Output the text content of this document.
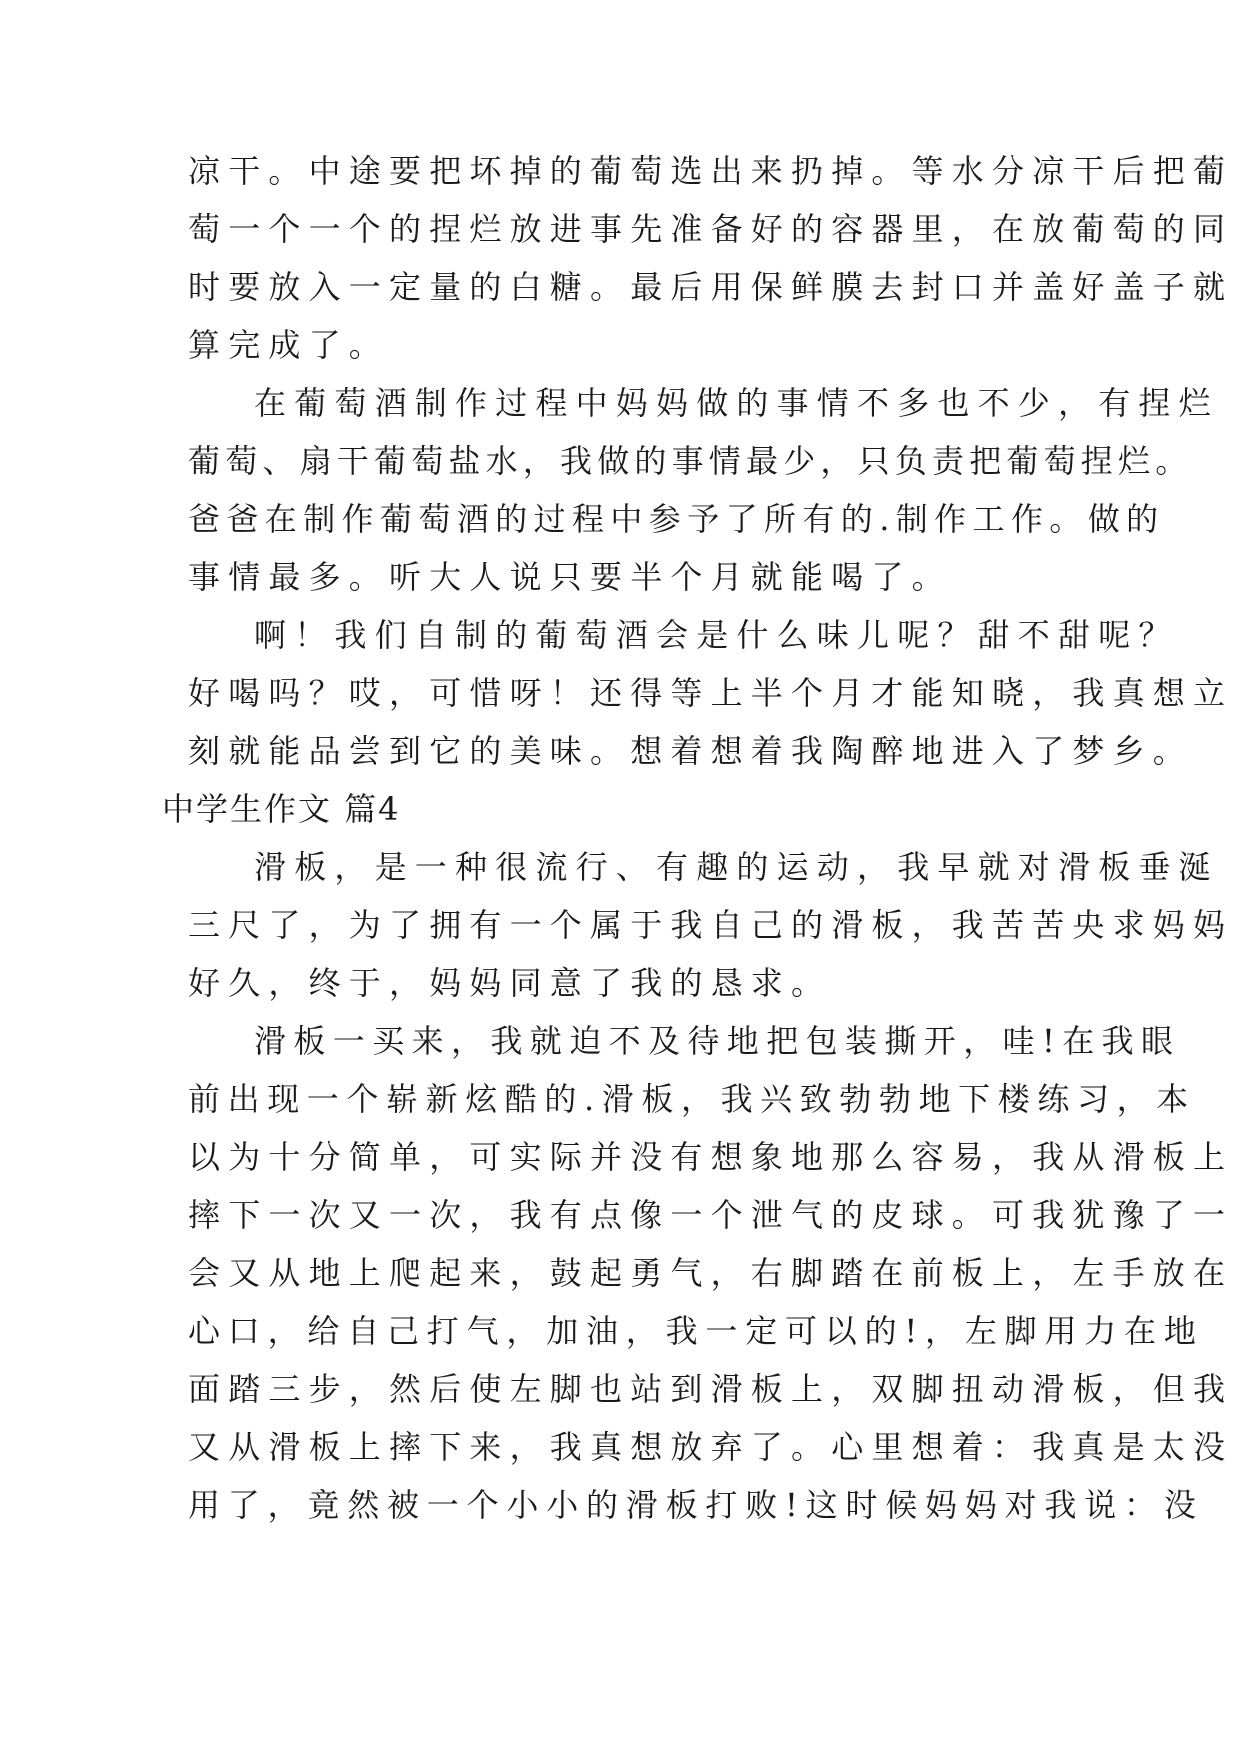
凉干。中途要把坏掉的葡萄选出来扔掉。等水分凉干后把葡
萄一个一个的捏烂放进事先准备好的容器里，在放葡萄的同
时要放入一定量的白糖。最后用保鲜膜去封口并盖好盖子就
算完成了。
在葡萄酒制作过程中妈妈做的事情不多也不少，有捏烂
葡萄、扇干葡萄盐水，我做的事情最少，只负责把葡萄捏烂。
爸爸在制作葡萄酒的过程中参予了所有的.制作工作。做的
事情最多。听大人说只要半个月就能喝了。
啊！我们自制的葡萄酒会是什么味儿呢？甜不甜呢？
好喝吗？哎，可惜呀！还得等上半个月才能知晓，我真想立
刻就能品尝到它的美味。想着想着我陶醉地进入了梦乡。
中学生作文 篇4
滑板，是一种很流行、有趣的运动，我早就对滑板垂涎
三尺了，为了拥有一个属于我自己的滑板，我苦苦央求妈妈
好久，终于，妈妈同意了我的恳求。
滑板一买来，我就迫不及待地把包装撕开，哇!在我眼
前出现一个崭新炫酷的.滑板，我兴致勃勃地下楼练习，本
以为十分简单，可实际并没有想象地那么容易，我从滑板上
摔下一次又一次，我有点像一个泄气的皮球。可我犹豫了一
会又从地上爬起来，鼓起勇气，右脚踏在前板上，左手放在
心口，给自己打气，加油，我一定可以的!，左脚用力在地
面踏三步，然后使左脚也站到滑板上，双脚扭动滑板，但我
又从滑板上摔下来，我真想放弃了。心里想着：我真是太没
用了，竟然被一个小小的滑板打败!这时候妈妈对我说：没
